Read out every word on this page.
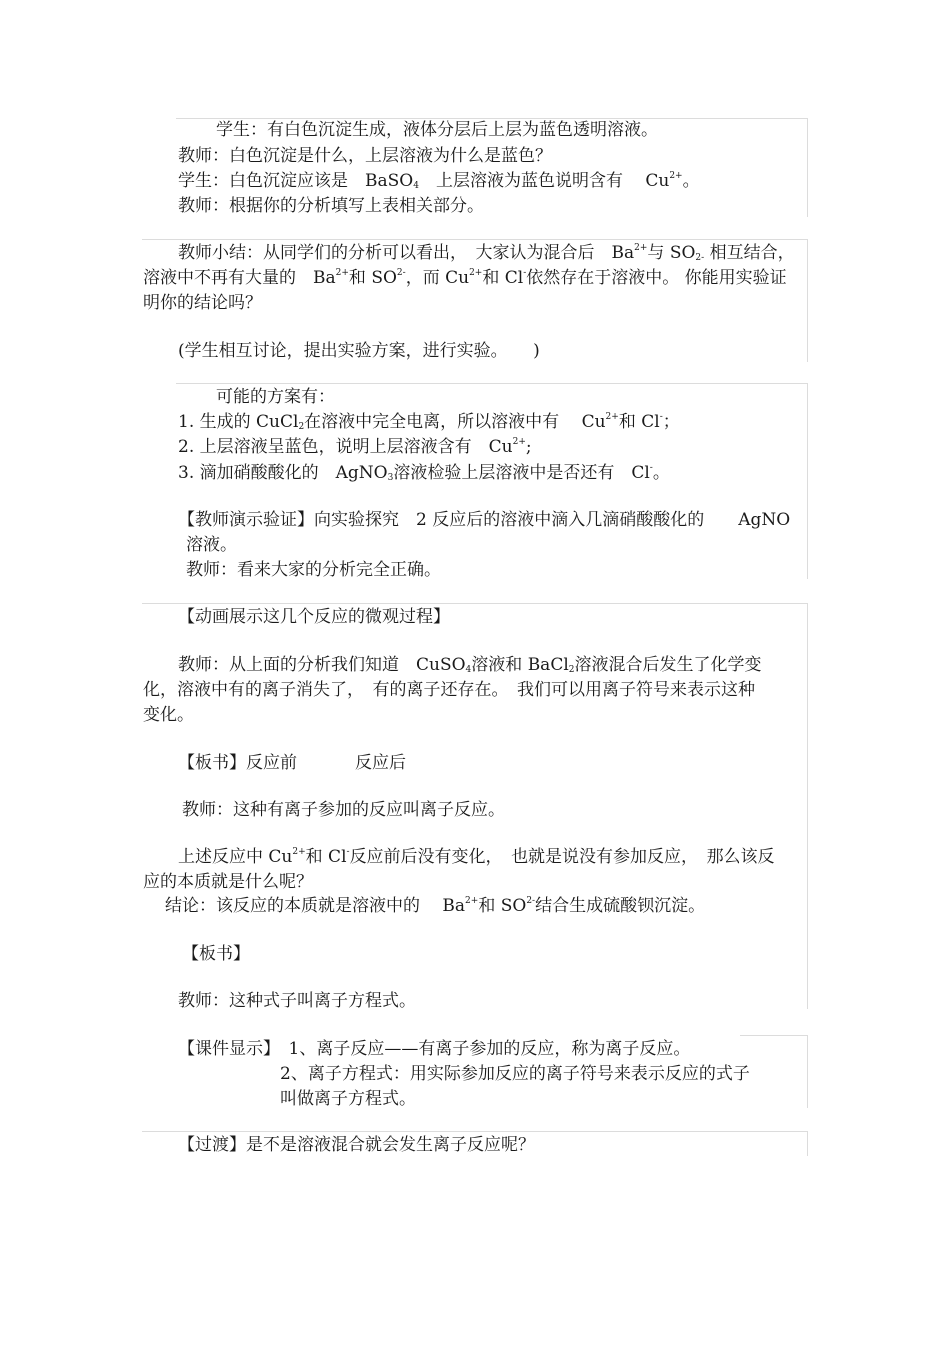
学生：有白色沉淀生成，液体分层后上层为蓝色透明溶液。
教师：白色沉淀是什么，上层溶液为什么是蓝色？
学生：白色沉淀应该是　 BaSO$_4$　 上层溶液为蓝色说明含有　 $Cu^{2+}$。
教师：根据你的分析填写上表相关部分。
教师小结：从同学们的分析可以看出，　 大家认为混合后　 $Ba^{2+}$与 $SO_{2-}$ 相互结合，
溶液中不再有大量的　 $Ba^{2+}$和 $SO^{2-}$，而 $Cu^{2+}$和 Cl-依然存在于溶液中。 你能用实验证
明你的结论吗？
(学生相互讨论，提出实验方案，进行实验。　　)
可能的方案有：
1. 生成的 CuCl$_2$在溶液中完全电离，所以溶液中有　 $Cu^{2+}$和 Cl-；
2. 上层溶液呈蓝色，说明上层溶液含有　 $Cu^{2+}$;
3. 滴加硝酸酸化的　 AgNO$_3$溶液检验上层溶液中是否还有　 Cl-。
【教师演示验证】向实验探究　 2 反应后的溶液中滴入几滴硝酸酸化的　　 AgNO
溶液。
教师：看来大家的分析完全正确。
【动画展示这几个反应的微观过程】
教师：从上面的分析我们知道　 CuSO$_4$溶液和 BaCl$_2$溶液混合后发生了化学变
化，溶液中有的离子消失了，　 有的离子还存在。　 我们可以用离子符号来表示这种
变化。
【板书】反应前	反应后
教师：这种有离子参加的反应叫离子反应。
上述反应中 $Cu^{2+}$和 Cl-反应前后没有变化，　 也就是说没有参加反应，　 那么该反
应的本质就是什么呢？
结论：该反应的本质就是溶液中的　 $Ba^{2+}$和 $SO^{2-}$结合生成硫酸钡沉淀。
【板书】
教师：这种式子叫离子方程式。
【课件显示】　 1、离子反应——有离子参加的反应，称为离子反应。
2、离子方程式：用实际参加反应的离子符号来表示反应的式子
叫做离子方程式。
【过渡】是不是溶液混合就会发生离子反应呢？
